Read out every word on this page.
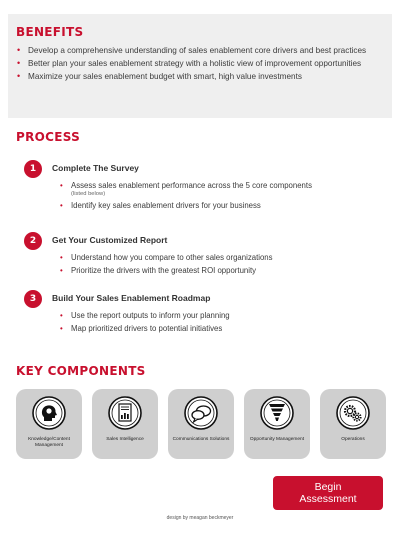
BENEFITS
• Develop a comprehensive understanding of sales enablement core drivers and best practices
• Better plan your sales enablement strategy with a holistic view of improvement opportunities
• Maximize your sales enablement budget with smart, high value investments
PROCESS
1	Complete The Survey
• Assess sales enablement performance across the 5 core components
(listed below)
• Identify key sales enablement drivers for your business
2	Get Your Customized Report
• Understand how you compare to other sales organizations
• Prioritize the drivers with the greatest ROI opportunity
3	Build Your Sales Enablement Roadmap
• Use the report outputs to inform your planning
• Map prioritized drivers to potential initiatives
KEY COMPONENTS
Knowledge/Content Management
Sales Intelligence	Communications Solutions	Opportunity Management	Operations
Begin
Assessment
design by meagan beckmeyer
